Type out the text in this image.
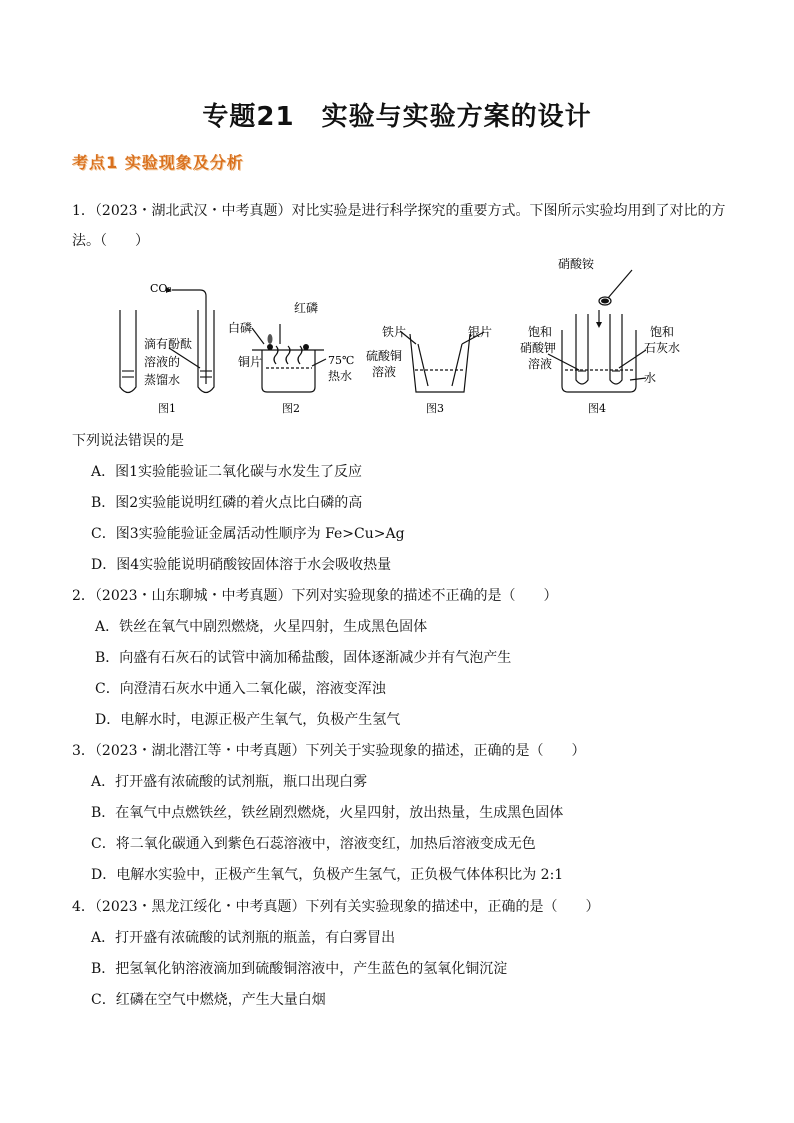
专题21　实验与实验方案的设计
考点1 实验现象及分析
1．（2023・湖北武汉・中考真题）对比实验是进行科学探究的重要方式。下图所示实验均用到了对比的方
法。（　　）
CO₂
滴有酚酞
溶液的
蒸馏水
图1
白磷
红磷
铜片	75℃
热水
图2
铁片	银片
硫酸铜
溶液
图3
硝酸铵
饱和
硝酸钾
溶液
饱和
石灰水
水
图4
下列说法错误的是
A．图1实验能验证二氧化碳与水发生了反应
B．图2实验能说明红磷的着火点比白磷的高
C．图3实验能验证金属活动性顺序为 Fe>Cu>Ag
D．图4实验能说明硝酸铵固体溶于水会吸收热量
2．（2023・山东聊城・中考真题）下列对实验现象的描述不正确的是（　　）
A．铁丝在氧气中剧烈燃烧，火星四射，生成黑色固体
B．向盛有石灰石的试管中滴加稀盐酸，固体逐渐减少并有气泡产生
C．向澄清石灰水中通入二氧化碳，溶液变浑浊
D．电解水时，电源正极产生氧气，负极产生氢气
3．（2023・湖北潜江等・中考真题）下列关于实验现象的描述，正确的是（　　）
A．打开盛有浓硫酸的试剂瓶，瓶口出现白雾
B．在氧气中点燃铁丝，铁丝剧烈燃烧，火星四射，放出热量，生成黑色固体
C．将二氧化碳通入到紫色石蕊溶液中，溶液变红，加热后溶液变成无色
D．电解水实验中，正极产生氧气，负极产生氢气，正负极气体体积比为 2:1
4．（2023・黑龙江绥化・中考真题）下列有关实验现象的描述中，正确的是（　　）
A．打开盛有浓硫酸的试剂瓶的瓶盖，有白雾冒出
B．把氢氧化钠溶液滴加到硫酸铜溶液中，产生蓝色的氢氧化铜沉淀
C．红磷在空气中燃烧，产生大量白烟
